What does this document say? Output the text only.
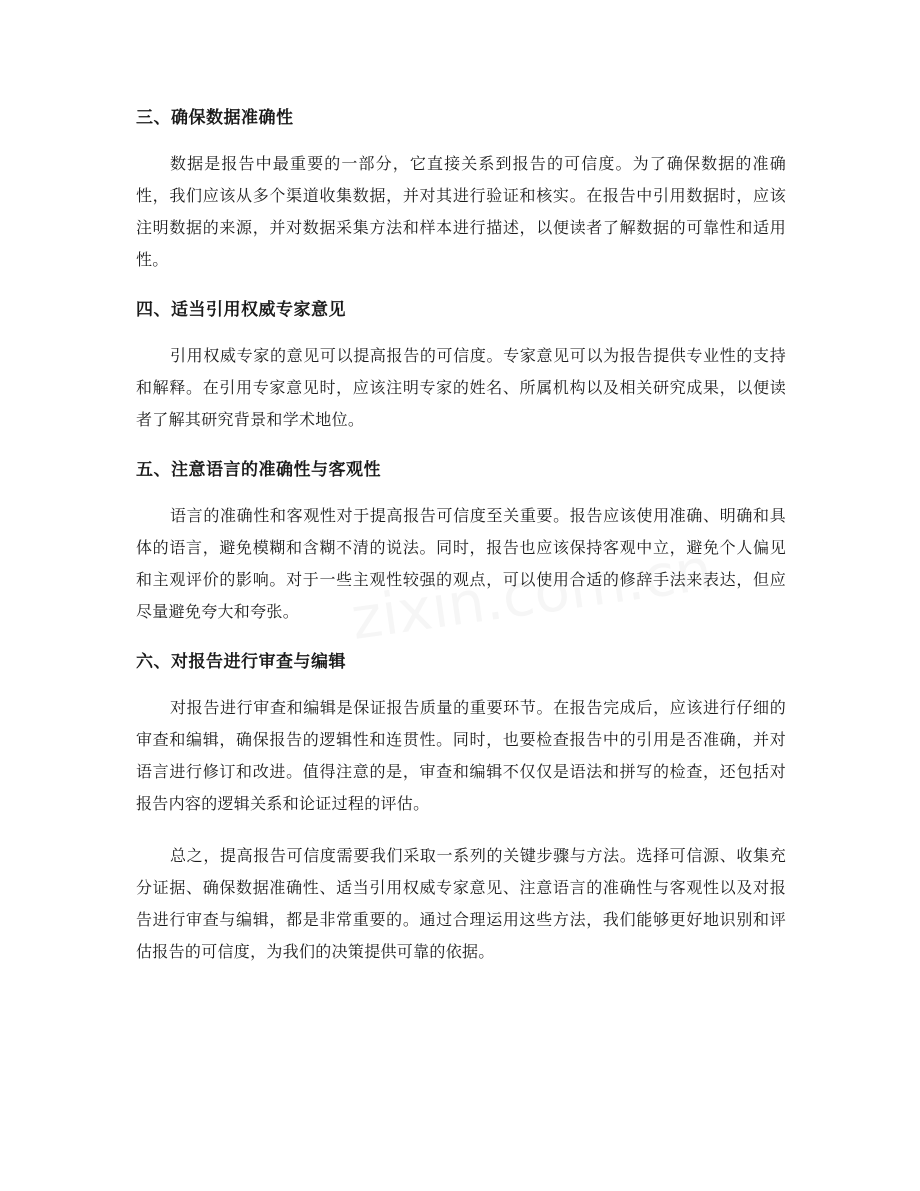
三、确保数据准确性

数据是报告中最重要的一部分，它直接关系到报告的可信度。为了确保数据的准确性，我们应该从多个渠道收集数据，并对其进行验证和核实。在报告中引用数据时，应该注明数据的来源，并对数据采集方法和样本进行描述，以便读者了解数据的可靠性和适用性。

四、适当引用权威专家意见

引用权威专家的意见可以提高报告的可信度。专家意见可以为报告提供专业性的支持和解释。在引用专家意见时，应该注明专家的姓名、所属机构以及相关研究成果，以便读者了解其研究背景和学术地位。

五、注意语言的准确性与客观性

语言的准确性和客观性对于提高报告可信度至关重要。报告应该使用准确、明确和具体的语言，避免模糊和含糊不清的说法。同时，报告也应该保持客观中立，避免个人偏见和主观评价的影响。对于一些主观性较强的观点，可以使用合适的修辞手法来表达，但应尽量避免夸大和夸张。

六、对报告进行审查与编辑

对报告进行审查和编辑是保证报告质量的重要环节。在报告完成后，应该进行仔细的审查和编辑，确保报告的逻辑性和连贯性。同时，也要检查报告中的引用是否准确，并对语言进行修订和改进。值得注意的是，审查和编辑不仅仅是语法和拼写的检查，还包括对报告内容的逻辑关系和论证过程的评估。

总之，提高报告可信度需要我们采取一系列的关键步骤与方法。选择可信源、收集充分证据、确保数据准确性、适当引用权威专家意见、注意语言的准确性与客观性以及对报告进行审查与编辑，都是非常重要的。通过合理运用这些方法，我们能够更好地识别和评估报告的可信度，为我们的决策提供可靠的依据。
